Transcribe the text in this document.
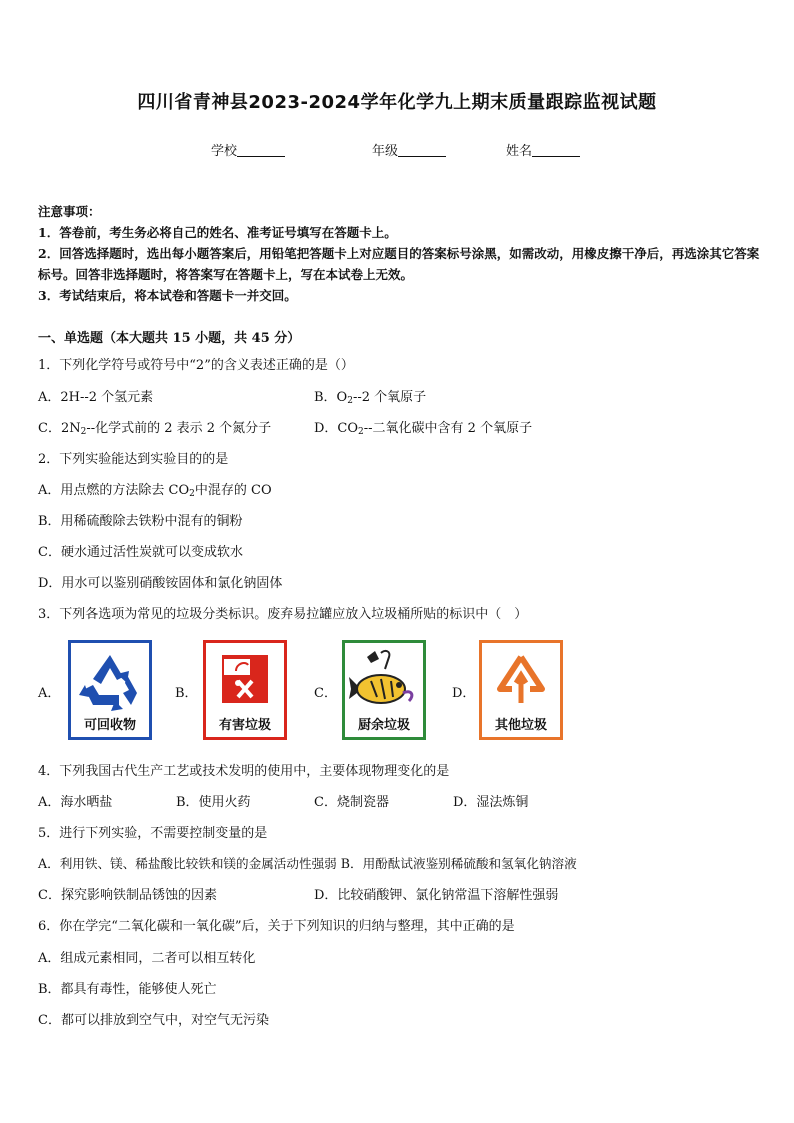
四川省青神县2023-2024学年化学九上期末质量跟踪监视试题
学校	年级	姓名
注意事项：
1．答卷前，考生务必将自己的姓名、准考证号填写在答题卡上。
2．回答选择题时，选出每小题答案后，用铅笔把答题卡上对应题目的答案标号涂黑，如需改动，用橡皮擦干净后，再选涂其它答案标号。回答非选择题时，将答案写在答题卡上，写在本试卷上无效。
3．考试结束后，将本试卷和答题卡一并交回。
一、单选题（本大题共 15 小题，共 45 分）
1．下列化学符号或符号中“2”的含义表述正确的是（）
A．2H--2 个氢元素	B．$O_2--2$ 个氧原子
C．$2N_2--$化学式前的 2 表示 2 个氮分子	D．$CO_2--$二氧化碳中含有 2 个氧原子
2．下列实验能达到实验目的的是
A．用点燃的方法除去 $CO_2$中混存的 CO
B．用稀硫酸除去铁粉中混有的铜粉
C．硬水通过活性炭就可以变成软水
D．用水可以鉴别硝酸铵固体和氯化钠固体
3．下列各选项为常见的垃圾分类标识。废弃易拉罐应放入垃圾桶所贴的标识中（　）
A．
可回收物
B．
有害垃圾
C．
厨余垃圾
D．
其他垃圾
4．下列我国古代生产工艺或技术发明的使用中，主要体现物理变化的是
A．海水晒盐	B．使用火药	C．烧制瓷器	D．湿法炼铜
5．进行下列实验，不需要控制变量的是
A．利用铁、镁、稀盐酸比较铁和镁的金属活动性强弱 B．用酚酞试液鉴别稀硫酸和氢氧化钠溶液
C．探究影响铁制品锈蚀的因素	D．比较硝酸钾、氯化钠常温下溶解性强弱
6．你在学完“二氧化碳和一氧化碳”后，关于下列知识的归纳与整理，其中正确的是
A．组成元素相同，二者可以相互转化
B．都具有毒性，能够使人死亡
C．都可以排放到空气中，对空气无污染
